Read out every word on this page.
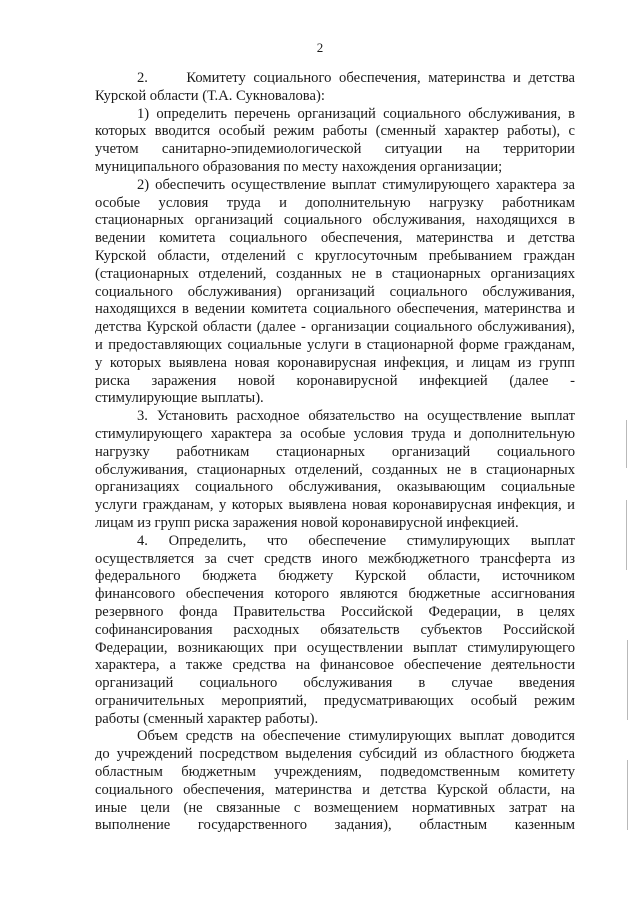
2
2.     Комитету социального обеспечения, материнства и детства
Курской области (Т.А. Сукновалова):
1) определить перечень организаций социального обслуживания, в
которых вводится особый режим работы (сменный характер работы), с
учетом санитарно-эпидемиологической ситуации на территории
муниципального образования по месту нахождения организации;
2) обеспечить осуществление выплат стимулирующего характера за
особые условия труда и дополнительную нагрузку работникам
стационарных организаций социального обслуживания, находящихся в
ведении комитета социального обеспечения, материнства и детства
Курской области, отделений с круглосуточным пребыванием граждан
(стационарных отделений, созданных не в стационарных организациях
социального обслуживания) организаций социального обслуживания,
находящихся в ведении комитета социального обеспечения, материнства и
детства Курской области (далее - организации социального обслуживания),
и предоставляющих социальные услуги в стационарной форме гражданам,
у которых выявлена новая коронавирусная инфекция, и лицам из групп
риска заражения новой коронавирусной инфекцией (далее -
стимулирующие выплаты).
3. Установить расходное обязательство на осуществление выплат
стимулирующего характера за особые условия труда и дополнительную
нагрузку работникам стационарных организаций социального
обслуживания, стационарных отделений, созданных не в стационарных
организациях социального обслуживания, оказывающим социальные
услуги гражданам, у которых выявлена новая коронавирусная инфекция, и
лицам из групп риска заражения новой коронавирусной инфекцией.
4. Определить, что обеспечение стимулирующих выплат
осуществляется за счет средств иного межбюджетного трансферта из
федерального бюджета бюджету Курской области, источником
финансового обеспечения которого являются бюджетные ассигнования
резервного фонда Правительства Российской Федерации, в целях
софинансирования расходных обязательств субъектов Российской
Федерации, возникающих при осуществлении выплат стимулирующего
характера, а также средства на финансовое обеспечение деятельности
организаций социального обслуживания в случае введения
ограничительных мероприятий, предусматривающих особый режим
работы (сменный характер работы).
Объем средств на обеспечение стимулирующих выплат доводится
до учреждений посредством выделения субсидий из областного бюджета
областным бюджетным учреждениям, подведомственным комитету
социального обеспечения, материнства и детства Курской области, на
иные цели (не связанные с возмещением нормативных затрат на
выполнение государственного задания), областным казенным
